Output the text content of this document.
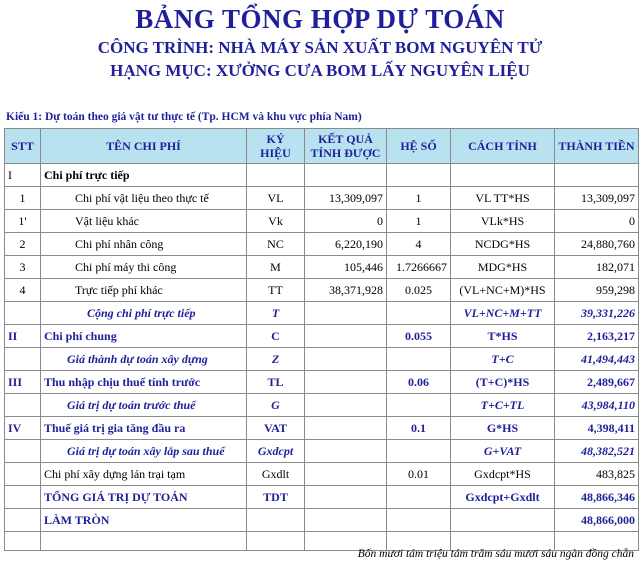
BẢNG TỔNG HỢP DỰ TOÁN
CÔNG TRÌNH: NHÀ MÁY SẢN XUẤT BOM NGUYÊN TỬ
HẠNG MỤC: XƯỞNG CƯA BOM LẤY NGUYÊN LIỆU
Kiểu 1: Dự toán theo giá vật tư thực tế (Tp. HCM và khu vực phía Nam)
STT	TÊN CHI PHÍ	KÝ HIỆU	KẾT QUẢ TÍNH ĐƯỢC	HỆ SỐ	CÁCH TÍNH	THÀNH TIỀN
I	Chi phí trực tiếp					
1	Chi phí vật liệu theo thực tế	VL	13,309,097	1	VL TT*HS	13,309,097
1'	Vật liệu khác	Vk	0	1	VLk*HS	0
2	Chi phí nhân công	NC	6,220,190	4	NCDG*HS	24,880,760
3	Chi phí máy thi công	M	105,446	1.7266667	MDG*HS	182,071
4	Trực tiếp phí khác	TT	38,371,928	0.025	(VL+NC+M)*HS	959,298
	Cộng chi phí trực tiếp	T			VL+NC+M+TT	39,331,226
II	Chi phí chung	C		0.055	T*HS	2,163,217
	Giá thành dự toán xây dựng	Z			T+C	41,494,443
III	Thu nhập chịu thuế tính trước	TL		0.06	(T+C)*HS	2,489,667
	Giá trị dự toán trước thuế	G			T+C+TL	43,984,110
IV	Thuế giá trị gia tăng đầu ra	VAT		0.1	G*HS	4,398,411
	Giá trị dự toán xây lắp sau thuế	Gxdcpt			G+VAT	48,382,521
	Chi phí xây dựng lán trại tạm	Gxdlt		0.01	Gxdcpt*HS	483,825
	TỔNG GIÁ TRỊ DỰ TOÁN	TDT			Gxdcpt+Gxdlt	48,866,346
	LÀM TRÒN					48,866,000

Bốn mươi tám triệu tám trăm sáu mươi sáu ngàn đồng chẵn
